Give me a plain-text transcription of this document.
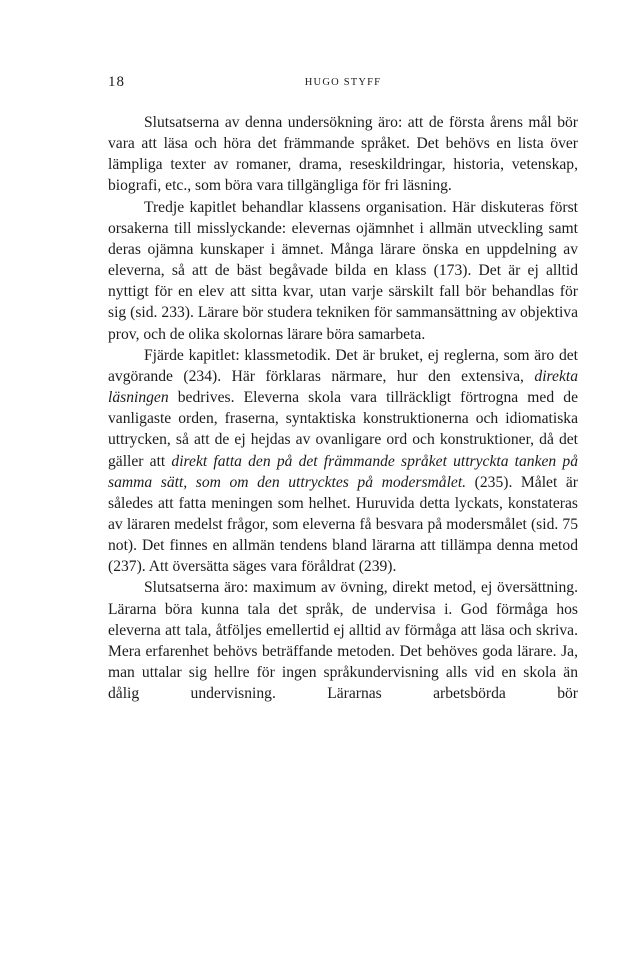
18	HUGO STYFF

Slutsatserna av denna undersökning äro: att de första årens mål bör vara att läsa och höra det främmande språket. Det behövs en lista över lämpliga texter av romaner, drama, reseskildringar, historia, vetenskap, biografi, etc., som böra vara tillgängliga för fri läsning.

Tredje kapitlet behandlar klassens organisation. Här diskuteras först orsakerna till misslyckande: elevernas ojämnhet i allmän utveckling samt deras ojämna kunskaper i ämnet. Många lärare önska en uppdelning av eleverna, så att de bäst begåvade bilda en klass (173). Det är ej alltid nyttigt för en elev att sitta kvar, utan varje särskilt fall bör behandlas för sig (sid. 233). Lärare bör studera tekniken för sammansättning av objektiva prov, och de olika skolornas lärare böra samarbeta.

Fjärde kapitlet: klassmetodik. Det är bruket, ej reglerna, som äro det avgörande (234). Här förklaras närmare, hur den extensiva, direkta läsningen bedrives. Eleverna skola vara tillräckligt förtrogna med de vanligaste orden, fraserna, syntaktiska konstruktionerna och idiomatiska uttrycken, så att de ej hejdas av ovanligare ord och konstruktioner, då det gäller att direkt fatta den på det främmande språket uttryckta tanken på samma sätt, som om den uttrycktes på modersmålet. (235). Målet är således att fatta meningen som helhet. Huruvida detta lyckats, konstateras av läraren medelst frågor, som eleverna få besvara på modersmålet (sid. 75 not). Det finnes en allmän tendens bland lärarna att tillämpa denna metod (237). Att översätta säges vara föråldrat (239).

Slutsatserna äro: maximum av övning, direkt metod, ej översättning. Lärarna böra kunna tala det språk, de undervisa i. God förmåga hos eleverna att tala, åtföljes emellertid ej alltid av förmåga att läsa och skriva. Mera erfarenhet behövs beträffande metoden. Det behöves goda lärare. Ja, man uttalar sig hellre för ingen språkundervisning alls vid en skola än dålig undervisning. Lärarnas arbetsbörda bör
